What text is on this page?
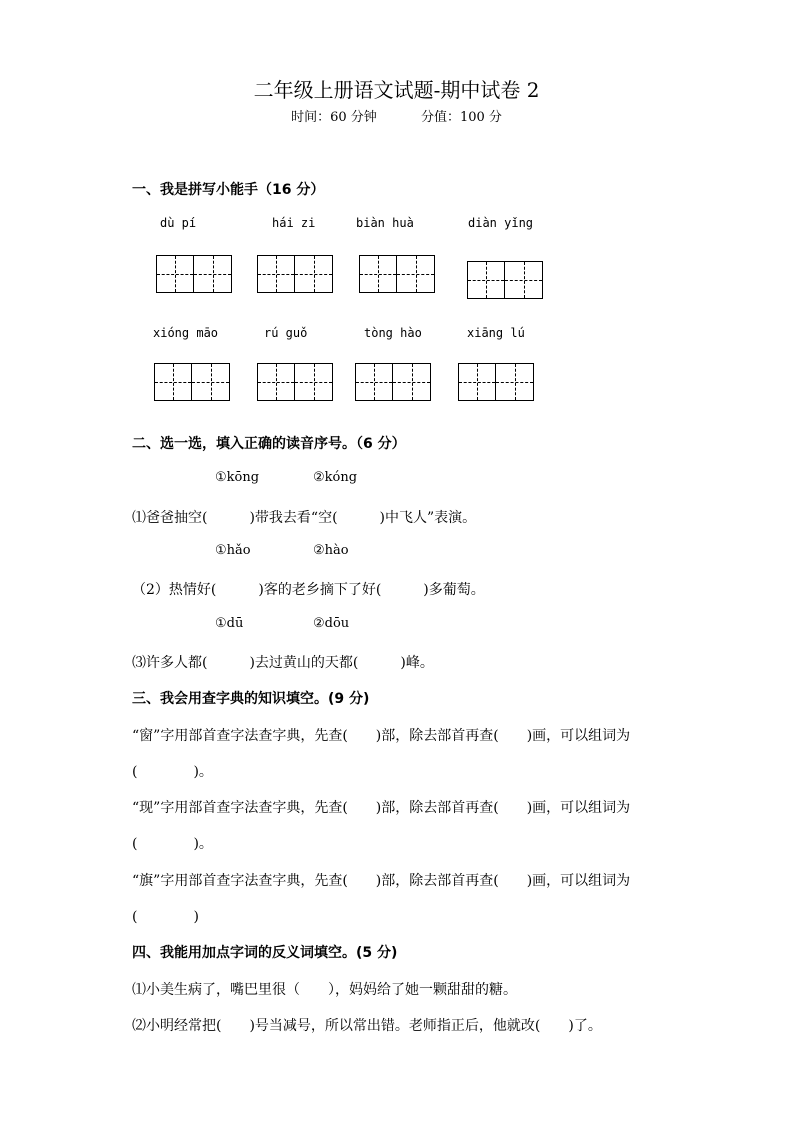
二年级上册语文试题-期中试卷 2
时间：60 分钟	分值：100 分
一、我是拼写小能手（16 分）
dù pí	hái zi	biàn huà	diàn yǐng
xióng māo	rú guǒ	tòng hào	xiāng lú
二、选一选，填入正确的读音序号。（6 分）
①kōng	②kóng
⑴爸爸抽空(　　　)带我去看“空(　　　)中飞人”表演。
①hǎo	②hào
（2）热情好(　　　)客的老乡摘下了好(　　　)多葡萄。
①dū	②dōu
⑶许多人都(　　　)去过黄山的天都(　　　)峰。
三、我会用查字典的知识填空。(9 分)
“窗”字用部首查字法查字典，先查(　　)部，除去部首再查(　　)画，可以组词为
(　　　　)。
“现”字用部首查字法查字典，先查(　　)部，除去部首再查(　　)画，可以组词为
(　　　　)。
“旗”字用部首查字法查字典，先查(　　)部，除去部首再查(　　)画，可以组词为
(　　　　)
四、我能用加点字词的反义词填空。(5 分)
⑴小美生病了，嘴巴里很（　　），妈妈给了她一颗甜甜的糖。
⑵小明经常把(　　)号当减号，所以常出错。老师指正后，他就改(　　)了。
